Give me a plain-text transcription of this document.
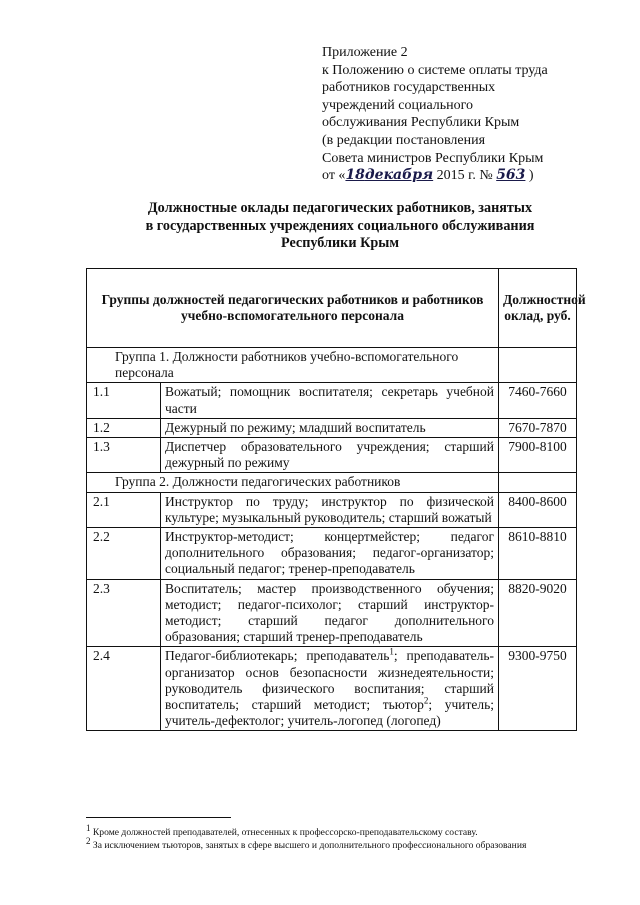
Приложение 2
к Положению о системе оплаты труда
работников государственных
учреждений социального
обслуживания Республики Крым
(в редакции постановления
Совета министров Республики Крым
от «18декабря 2015 г. № 563 )
Должностные оклады педагогических работников, занятых
в государственных учреждениях социального обслуживания
Республики Крым
Группы должностей педагогических работников и работников учебно-вспомогательного персонала		Должностной оклад, руб.
Группа 1. Должности работников учебно-вспомогательного персонала		
1.1	Вожатый; помощник воспитателя; секретарь учебной части	7460-7660
1.2	Дежурный по режиму; младший воспитатель	7670-7870
1.3	Диспетчер образовательного учреждения; старший дежурный по режиму	7900-8100
Группа 2. Должности педагогических работников		
2.1	Инструктор по труду; инструктор по физической культуре; музыкальный руководитель; старший вожатый	8400-8600
2.2	Инструктор-методист; концертмейстер; педагог дополнительного образования; педагог-организатор; социальный педагог; тренер-преподаватель	8610-8810
2.3	Воспитатель; мастер производственного обучения; методист; педагог-психолог; старший инструктор-методист; старший педагог дополнительного образования; старший тренер-преподаватель	8820-9020
2.4	Педагог-библиотекарь; преподаватель$^1$; преподаватель-организатор основ безопасности жизнедеятельности; руководитель физического воспитания; старший воспитатель; старший методист; тьютор$^2$; учитель; учитель-дефектолог; учитель-логопед (логопед)	9300-9750
$^1$ Кроме должностей преподавателей, отнесенных к профессорско-преподавательскому составу.
$^2$ За исключением тьюторов, занятых в сфере высшего и дополнительного профессионального образования
